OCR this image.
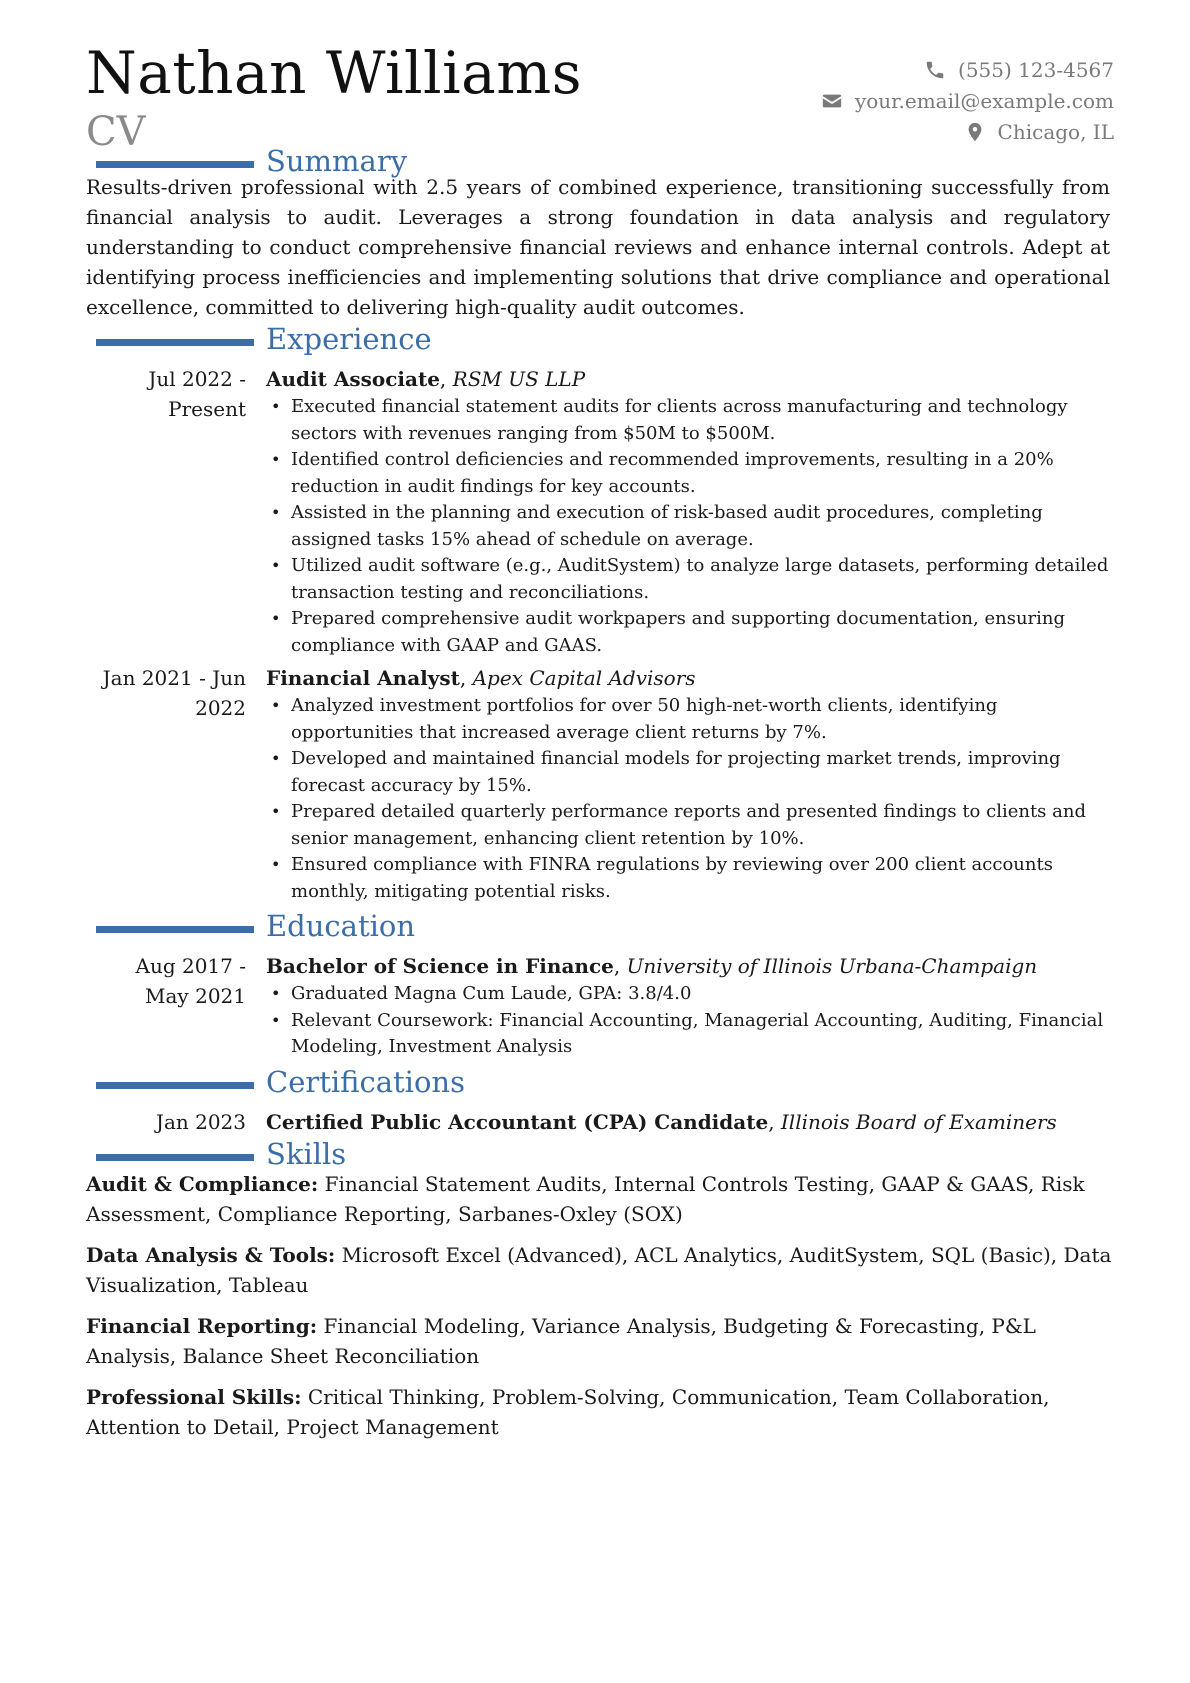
Nathan Williams
CV
(555) 123-4567
your.email@example.com
Chicago, IL
Summary

Results-driven professional with 2.5 years of combined experience, transitioning successfully from financial analysis to audit. Leverages a strong foundation in data analysis and regulatory understanding to conduct comprehensive financial reviews and enhance internal controls. Adept at identifying process inefficiencies and implementing solutions that drive compliance and operational excellence, committed to delivering high-quality audit outcomes.

Experience
Jul 2022 - Present
Audit Associate, RSM US LLP
• Executed financial statement audits for clients across manufacturing and technology sectors with revenues ranging from $50M to $500M.
• Identified control deficiencies and recommended improvements, resulting in a 20% reduction in audit findings for key accounts.
• Assisted in the planning and execution of risk-based audit procedures, completing assigned tasks 15% ahead of schedule on average.
• Utilized audit software (e.g., AuditSystem) to analyze large datasets, performing detailed transaction testing and reconciliations.
• Prepared comprehensive audit workpapers and supporting documentation, ensuring compliance with GAAP and GAAS.
Jan 2021 - Jun 2022
Financial Analyst, Apex Capital Advisors
• Analyzed investment portfolios for over 50 high-net-worth clients, identifying opportunities that increased average client returns by 7%.
• Developed and maintained financial models for projecting market trends, improving forecast accuracy by 15%.
• Prepared detailed quarterly performance reports and presented findings to clients and senior management, enhancing client retention by 10%.
• Ensured compliance with FINRA regulations by reviewing over 200 client accounts monthly, mitigating potential risks.
Education
Aug 2017 - May 2021
Bachelor of Science in Finance, University of Illinois Urbana-Champaign
• Graduated Magna Cum Laude, GPA: 3.8/4.0
• Relevant Coursework: Financial Accounting, Managerial Accounting, Auditing, Financial Modeling, Investment Analysis
Certifications
Jan 2023 Certified Public Accountant (CPA) Candidate, Illinois Board of Examiners
Skills
Audit & Compliance: Financial Statement Audits, Internal Controls Testing, GAAP & GAAS, Risk Assessment, Compliance Reporting, Sarbanes-Oxley (SOX)
Data Analysis & Tools: Microsoft Excel (Advanced), ACL Analytics, AuditSystem, SQL (Basic), Data Visualization, Tableau
Financial Reporting: Financial Modeling, Variance Analysis, Budgeting & Forecasting, P&L Analysis, Balance Sheet Reconciliation
Professional Skills: Critical Thinking, Problem-Solving, Communication, Team Collaboration, Attention to Detail, Project Management
